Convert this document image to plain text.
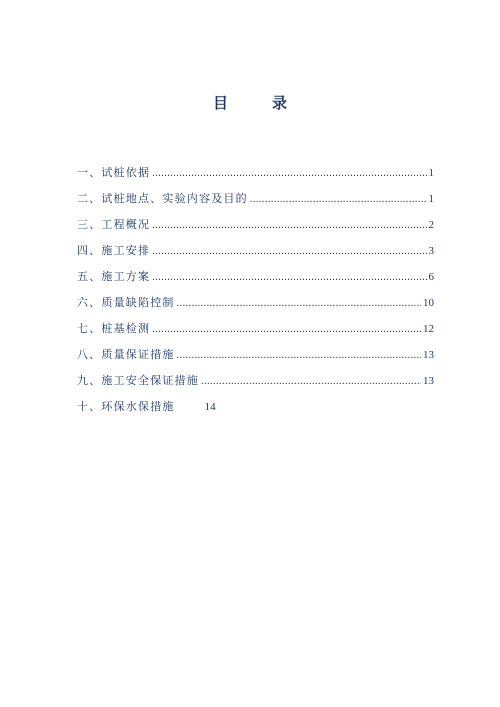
目	录
一、试桩依据 .....	1
二、试桩地点、实验内容及目的 .....	1
三、工程概况 .....	2
四、施工安排 .....	3
五、施工方案 .....	6
六、质量缺陷控制 .....	10
七、桩基检测 .....	12
八、质量保证措施 .....	13
九、施工安全保证措施 .....	13
十、环保水保措施	14
